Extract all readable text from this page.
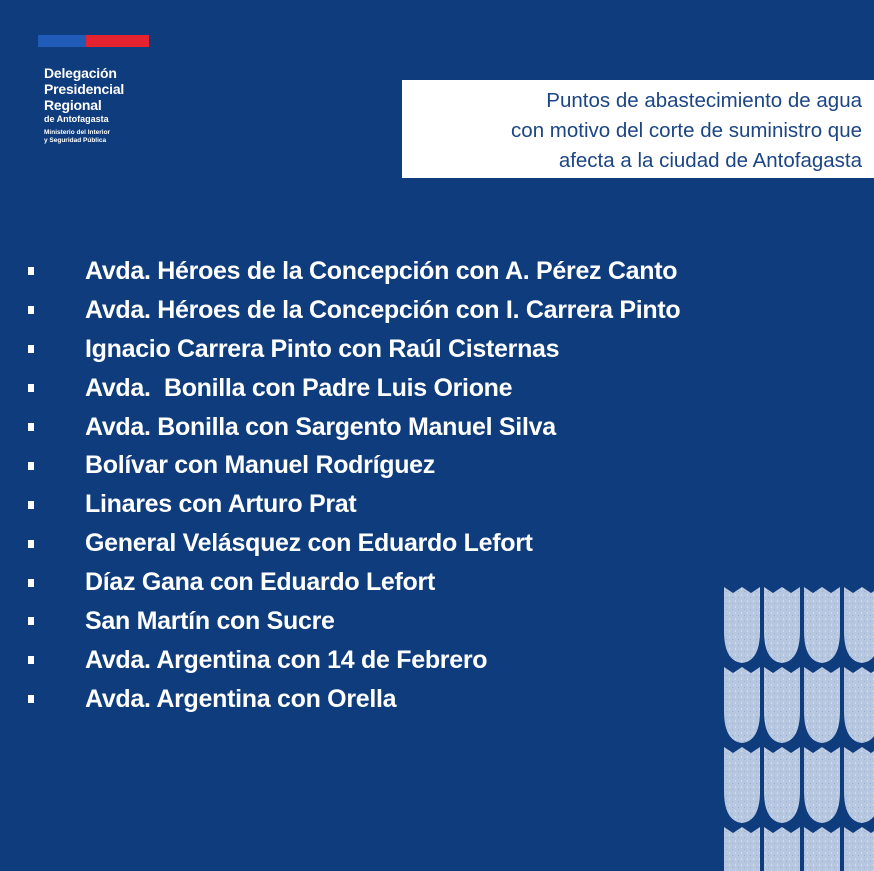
Delegación
Presidencial
Regional
de Antofagasta
Ministerio del Interior
y Seguridad Pública
Puntos de abastecimiento de agua
con motivo del corte de suministro que
afecta a la ciudad de Antofagasta
Avda. Héroes de la Concepción con A. Pérez Canto
Avda. Héroes de la Concepción con I. Carrera Pinto
Ignacio Carrera Pinto con Raúl Cisternas
Avda.  Bonilla con Padre Luis Orione
Avda. Bonilla con Sargento Manuel Silva
Bolívar con Manuel Rodríguez
Linares con Arturo Prat
General Velásquez con Eduardo Lefort
Díaz Gana con Eduardo Lefort
San Martín con Sucre
Avda. Argentina con 14 de Febrero
Avda. Argentina con Orella
